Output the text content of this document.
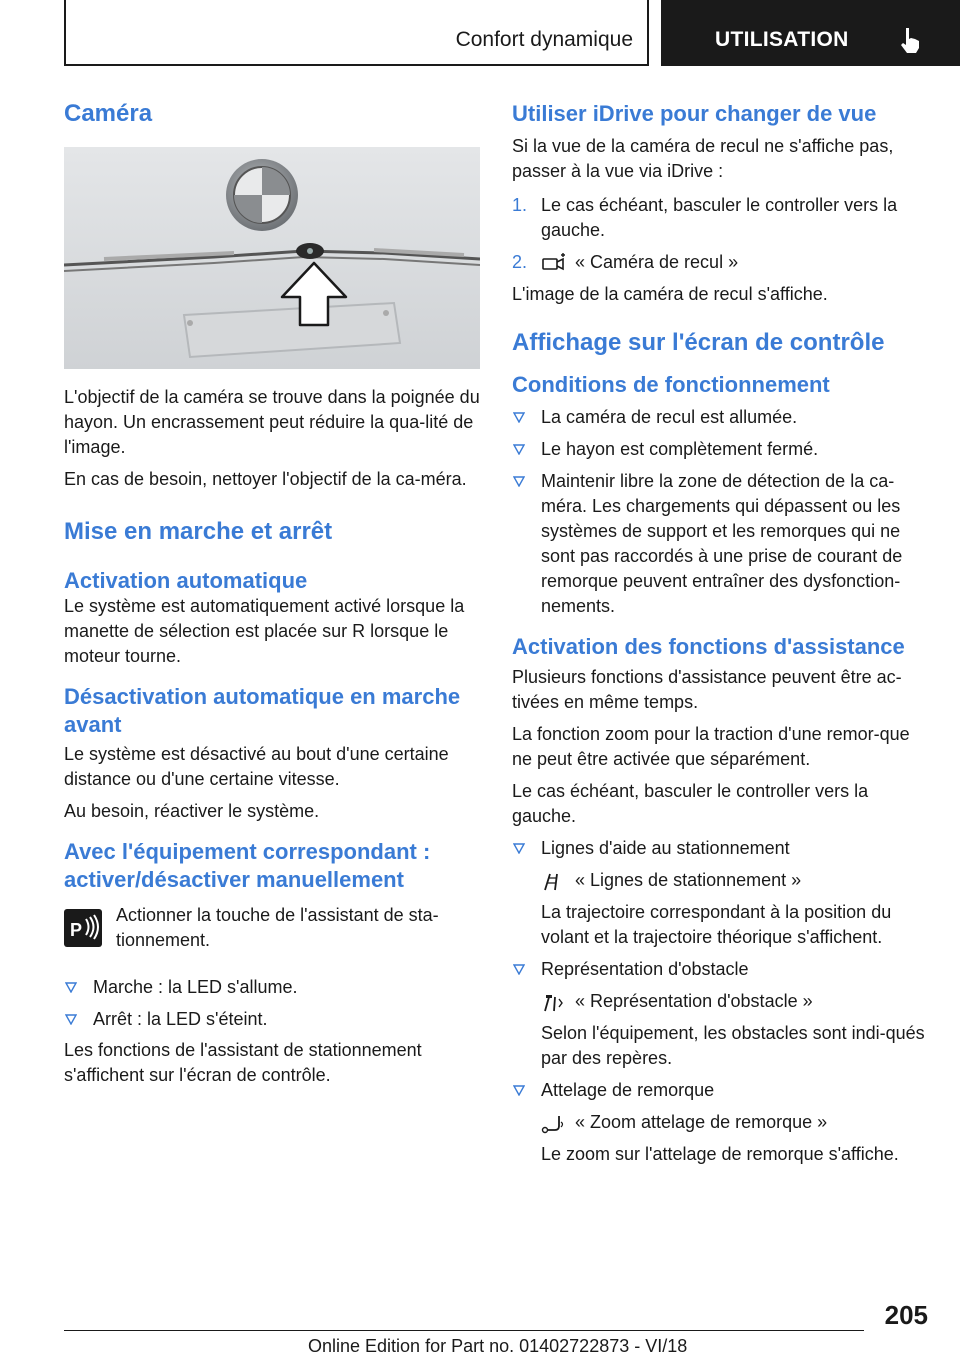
Confort dynamique	UTILISATION
Caméra

L'objectif de la caméra se trouve dans la poignée du hayon. Un encrassement peut réduire la qua‐lité de l'image.

En cas de besoin, nettoyer l'objectif de la ca‐méra.

Mise en marche et arrêt
Activation automatique

Le système est automatiquement activé lorsque la manette de sélection est placée sur R lorsque le moteur tourne.

Désactivation automatique en marche avant

Le système est désactivé au bout d'une certaine distance ou d'une certaine vitesse.

Au besoin, réactiver le système.

Avec l'équipement correspondant : activer/désactiver manuellement
P

Actionner la touche de l'assistant de sta‐tionnement.

Marche : la LED s'allume.
Arrêt : la LED s'éteint.

Les fonctions de l'assistant de stationnement s'affichent sur l'écran de contrôle.

Utiliser iDrive pour changer de vue

Si la vue de la caméra de recul ne s'affiche pas, passer à la vue via iDrive :

1. Le cas échéant, basculer le controller vers la gauche.
2.	« Caméra de recul »

L'image de la caméra de recul s'affiche.

Affichage sur l'écran de contrôle
Conditions de fonctionnement
La caméra de recul est allumée.
Le hayon est complètement fermé.
Maintenir libre la zone de détection de la ca‐méra. Les chargements qui dépassent ou les systèmes de support et les remorques qui ne sont pas raccordés à une prise de courant de remorque peuvent entraîner des dysfonction‐nements.
Activation des fonctions d'assistance

Plusieurs fonctions d'assistance peuvent être ac‐tivées en même temps.

La fonction zoom pour la traction d'une remor‐que ne peut être activée que séparément.

Le cas échéant, basculer le controller vers la gauche.

Lignes d'aide au stationnement
« Lignes de stationnement »
La trajectoire correspondant à la position du volant et la trajectoire théorique s'affichent.
Représentation d'obstacle
« Représentation d'obstacle »
Selon l'équipement, les obstacles sont indi‐qués par des repères.
Attelage de remorque
« Zoom attelage de remorque »
Le zoom sur l'attelage de remorque s'affiche.
205
Online Edition for Part no. 01402722873 - VI/18
